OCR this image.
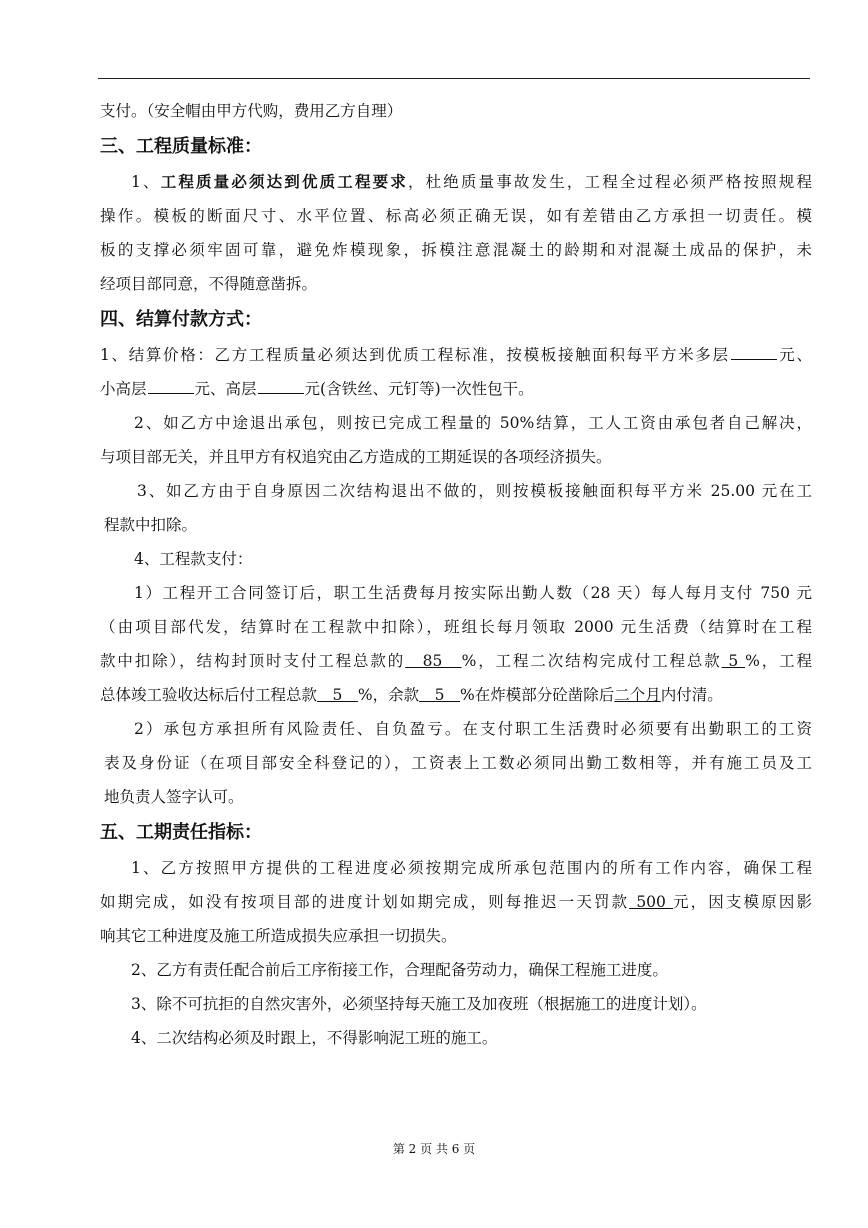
支付。（安全帽由甲方代购，费用乙方自理）
三、工程质量标准：
1、工程质量必须达到优质工程要求，杜绝质量事故发生，工程全过程必须严格按照规程
操作。模板的断面尺寸、水平位置、标高必须正确无误，如有差错由乙方承担一切责任。模
板的支撑必须牢固可靠，避免炸模现象，拆模注意混凝土的龄期和对混凝土成品的保护，未
经项目部同意，不得随意凿拆。
四、结算付款方式：
1、结算价格：乙方工程质量必须达到优质工程标准，按模板接触面积每平方米多层	元、
小高层	元、高层	元(含铁丝、元钉等)一次性包干。
2、如乙方中途退出承包，则按已完成工程量的 50%结算，工人工资由承包者自己解决，
与项目部无关，并且甲方有权追究由乙方造成的工期延误的各项经济损失。
3、如乙方由于自身原因二次结构退出不做的，则按模板接触面积每平方米 25.00 元在工
程款中扣除。
4、工程款支付：
1）工程开工合同签订后，职工生活费每月按实际出勤人数（28 天）每人每月支付 750 元
（由项目部代发，结算时在工程款中扣除），班组长每月领取 2000 元生活费（结算时在工程
款中扣除），结构封顶时支付工程总款的　85　%，工程二次结构完成付工程总款 5 %，工程
总体竣工验收达标后付工程总款　5　%，余款　5　%在炸模部分砼凿除后二个月内付清。
2）承包方承担所有风险责任、自负盈亏。在支付职工生活费时必须要有出勤职工的工资
表及身份证（在项目部安全科登记的），工资表上工数必须同出勤工数相等，并有施工员及工
地负责人签字认可。
五、工期责任指标：
1、乙方按照甲方提供的工程进度必须按期完成所承包范围内的所有工作内容，确保工程
如期完成，如没有按项目部的进度计划如期完成，则每推迟一天罚款 500 元，因支模原因影
响其它工种进度及施工所造成损失应承担一切损失。
2、乙方有责任配合前后工序衔接工作，合理配备劳动力，确保工程施工进度。
3、除不可抗拒的自然灾害外，必须坚持每天施工及加夜班（根据施工的进度计划）。
4、二次结构必须及时跟上，不得影响泥工班的施工。
第 2 页 共 6 页
